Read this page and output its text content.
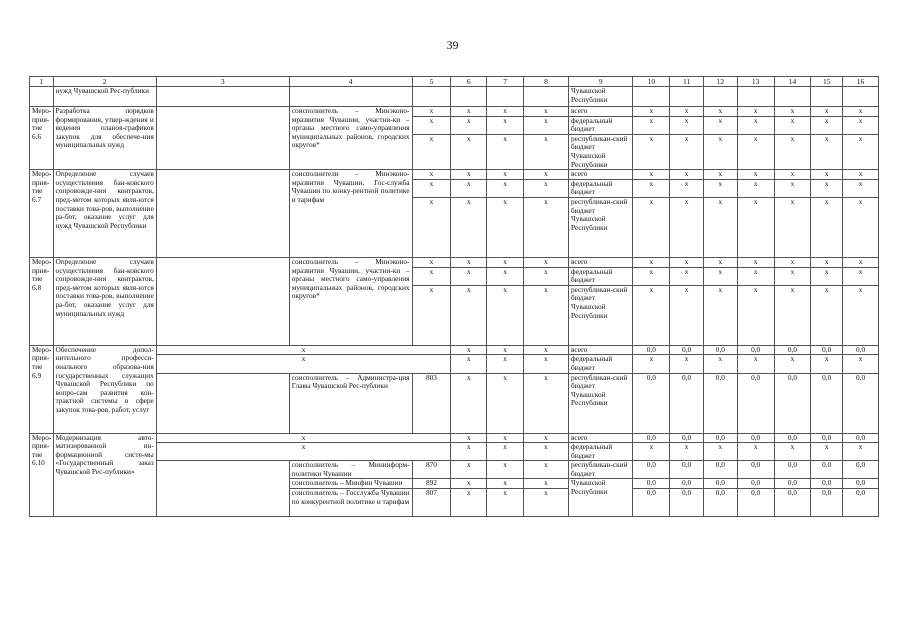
39
1	2	3	4	5	6	7	8	9	10	11	12	13	14	15	16
	нужд Чувашской Рес-публики							Чувашской Республики							
Меро-прия-тие 6.6	Разработка порядков формирования, утвер-ждения и ведения планов-графиков закупок для обеспече-ния муниципальных нужд		соисполнитель – Минэконо-мразвития Чувашии, участни-ки – органы местного само-управления муниципальных районов, городских округов*	х	х	х	х	всего	х	х	х	х	х	х	х
				х	х	х	х	федеральный бюджет	х	х	х	х	х	х	х
				х	х	х	х	республикан-ский бюджет Чувашской Республики	х	х	х	х	х	х	х
Меро-прия-тие 6.7	Определение случаев осуществления бан-ковского сопровожде-ния контрактов, пред-метом которых явля-ются поставки това-ров, выполнение ра-бот, оказание услуг для нужд Чувашской Республики		соисполнители – Минэконо-мразвития Чувашии, Гос-служба Чувашии по конку-рентной политике и тарифам	х	х	х	х	всего	х	х	х	х	х	х	х
				х	х	х	х	федеральный бюджет	х	х	х	х	х	х	х
				х	х	х	х	республикан-ский бюджет Чувашской Республики	х	х	х	х	х	х	х
Меро-прия-тие 6.8	Определение случаев осуществления бан-ковского сопровожде-ния контрактов, пред-метом которых явля-ются поставки това-ров, выполнение ра-бот, оказание услуг для муниципальных нужд		соисполнитель – Минэконо-мразвития Чувашии, участни-ки – органы местного само-управления муниципальных районов, городских округов*	х	х	х	х	всего	х	х	х	х	х	х	х
				х	х	х	х	федеральный бюджет	х	х	х	х	х	х	х
				х	х	х	х	республикан-ский бюджет Чувашской Республики	х	х	х	х	х	х	х
Меро-прия-тие 6.9	Обеспечение допол-нительного професси-онального образова-ния государственных служащих Чувашской Республики по вопро-сам развития кон-трактной системы в сфере закупок това-ров, работ, услуг	х			х	х	х	всего	0,0	0,0	0,0	0,0	0,0	0,0	0,0
		х			х	х	х	федеральный бюджет	х	х	х	х	х	х	х
			соисполнитель – Администра-ция Главы Чувашской Рес-публики	803	х	х	х	республикан-ский бюджет Чувашской Республики	0,0	0,0	0,0	0,0	0,0	0,0	0,0
Меро-прия-тие 6.10	Модернизация авто-матизированной ин-формационной систе-мы «Государственный заказ Чувашской Рес-публики»	х			х	х	х	всего	0,0	0,0	0,0	0,0	0,0	0,0	0,0
		х			х	х	х	федеральный бюджет	х	х	х	х	х	х	х
			соисполнитель – Мининформ-политики Чувашии	870	х	х	х	республикан-ский бюджет	0,0	0,0	0,0	0,0	0,0	0,0	0,0
			соисполнитель – Минфин Чувашии	892	х	х	х	Чувашской Республики	0,0	0,0	0,0	0,0	0,0	0,0	0,0
			соисполнитель – Госслужба Чувашии по конкурентной политике и тарифам	807	х	х	х		0,0	0,0	0,0	0,0	0,0	0,0	0,0
